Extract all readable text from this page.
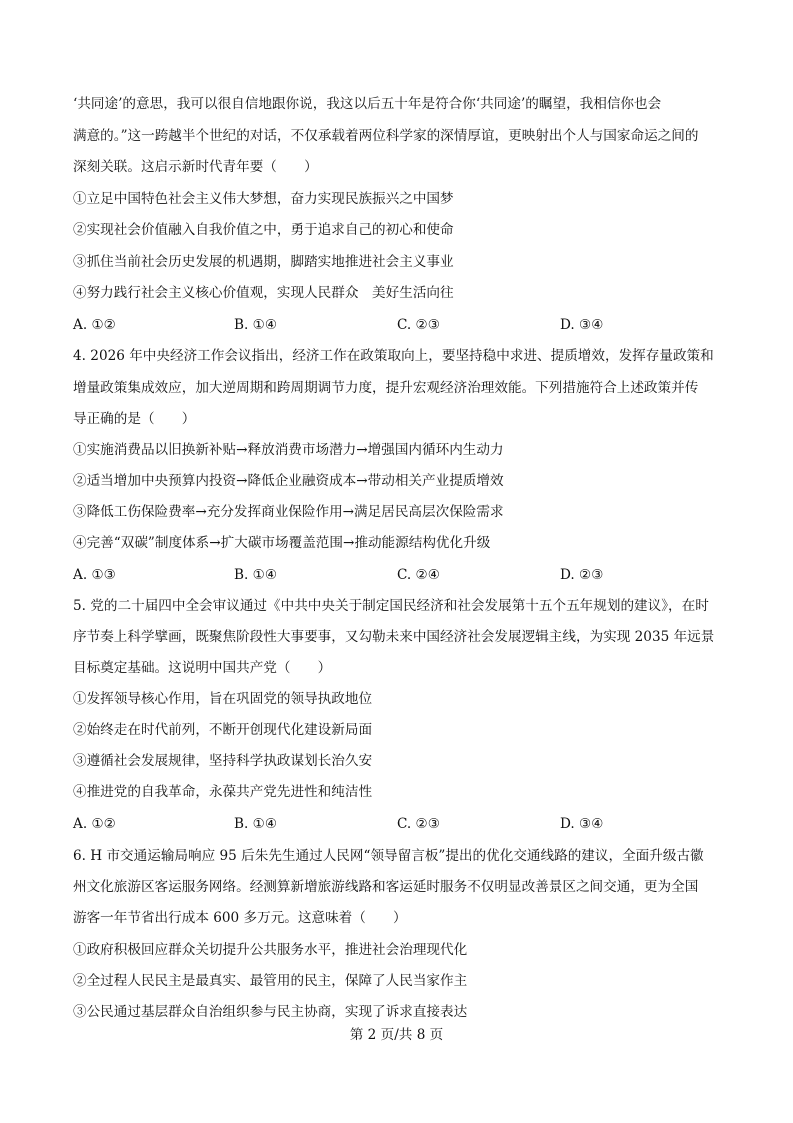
‘共同途’的意思，我可以很自信地跟你说，我这以后五十年是符合你‘共同途’的瞩望，我相信你也会
满意的。”这一跨越半个世纪的对话，不仅承载着两位科学家的深情厚谊，更映射出个人与国家命运之间的
深刻关联。这启示新时代青年要（　　）
①立足中国特色社会主义伟大梦想，奋力实现民族振兴之中国梦
②实现社会价值融入自我价值之中，勇于追求自己的初心和使命
③抓住当前社会历史发展的机遇期，脚踏实地推进社会主义事业
④努力践行社会主义核心价值观，实现人民群众　美好生活向往
A. ①②	B. ①④	C. ②③	D. ③④
4. 2026 年中央经济工作会议指出，经济工作在政策取向上，要坚持稳中求进、提质增效，发挥存量政策和
增量政策集成效应，加大逆周期和跨周期调节力度，提升宏观经济治理效能。下列措施符合上述政策并传
导正确的是（　　）
①实施消费品以旧换新补贴→释放消费市场潜力→增强国内循环内生动力
②适当增加中央预算内投资→降低企业融资成本→带动相关产业提质增效
③降低工伤保险费率→充分发挥商业保险作用→满足居民高层次保险需求
④完善“双碳”制度体系→扩大碳市场覆盖范围→推动能源结构优化升级
A. ①③	B. ①④	C. ②④	D. ②③
5. 党的二十届四中全会审议通过《中共中央关于制定国民经济和社会发展第十五个五年规划的建议》，在时
序节奏上科学擘画，既聚焦阶段性大事要事，又勾勒未来中国经济社会发展逻辑主线，为实现 2035 年远景
目标奠定基础。这说明中国共产党（　　）
①发挥领导核心作用，旨在巩固党的领导执政地位
②始终走在时代前列，不断开创现代化建设新局面
③遵循社会发展规律，坚持科学执政谋划长治久安
④推进党的自我革命，永葆共产党先进性和纯洁性
A. ①②	B. ①④	C. ②③	D. ③④
6. H 市交通运输局响应 95 后朱先生通过人民网“领导留言板”提出的优化交通线路的建议，全面升级古徽
州文化旅游区客运服务网络。经测算新增旅游线路和客运延时服务不仅明显改善景区之间交通，更为全国
游客一年节省出行成本 600 多万元。这意味着（　　）
①政府积极回应群众关切提升公共服务水平，推进社会治理现代化
②全过程人民民主是最真实、最管用的民主，保障了人民当家作主
③公民通过基层群众自治组织参与民主协商，实现了诉求直接表达
第 2 页/共 8 页
